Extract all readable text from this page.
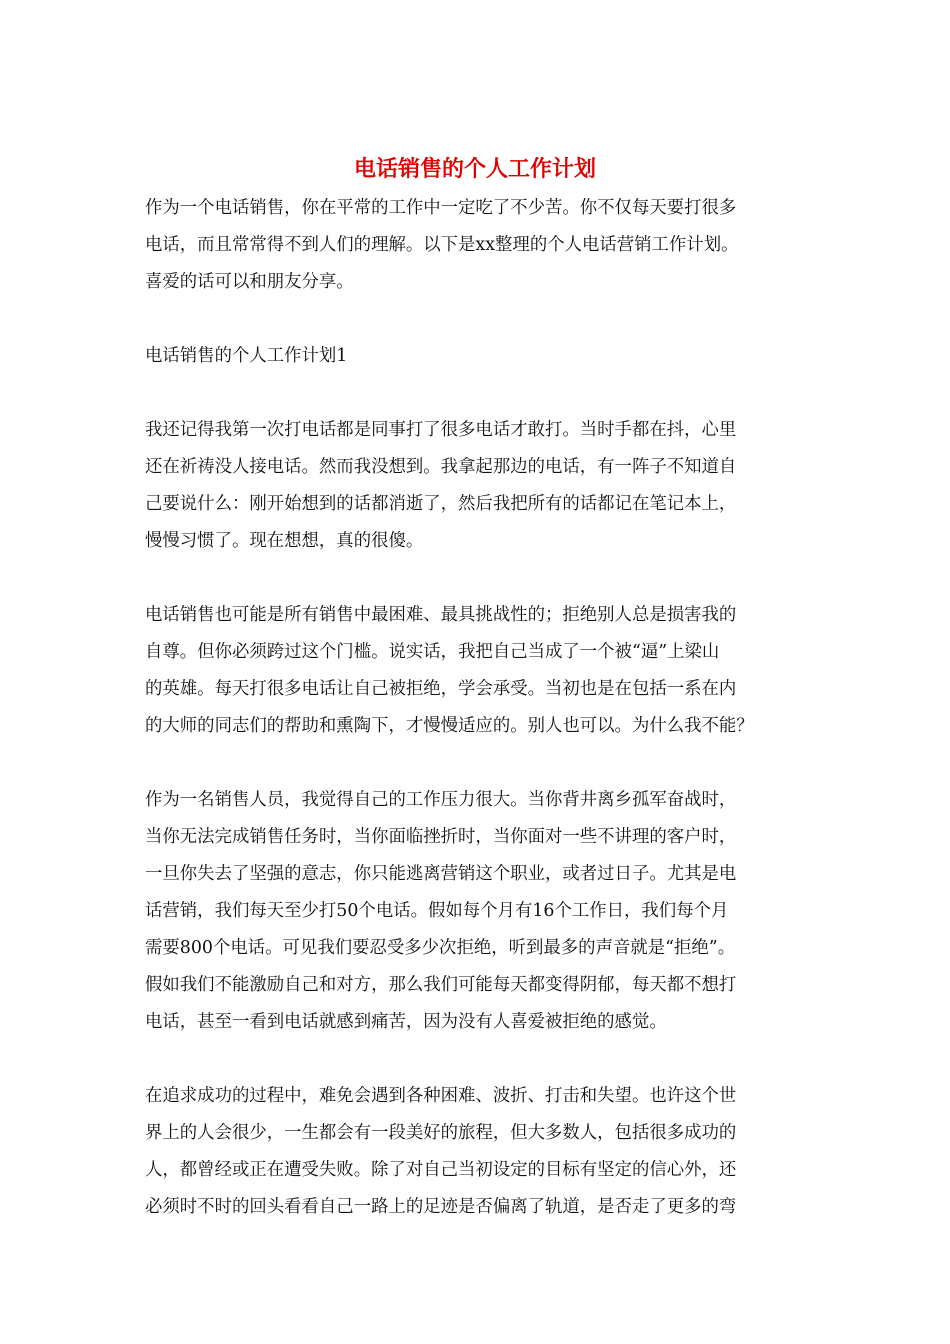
电话销售的个人工作计划

作为一个电话销售，你在平常的工作中一定吃了不少苦。你不仅每天要打很多
电话，而且常常得不到人们的理解。以下是xx整理的个人电话营销工作计划。
喜爱的话可以和朋友分享。

电话销售的个人工作计划1

我还记得我第一次打电话都是同事打了很多电话才敢打。当时手都在抖，心里
还在祈祷没人接电话。然而我没想到。我拿起那边的电话，有一阵子不知道自
己要说什么：刚开始想到的话都消逝了，然后我把所有的话都记在笔记本上，
慢慢习惯了。现在想想，真的很傻。

电话销售也可能是所有销售中最困难、最具挑战性的；拒绝别人总是损害我的
自尊。但你必须跨过这个门槛。说实话，我把自己当成了一个被“逼”上梁山
的英雄。每天打很多电话让自己被拒绝，学会承受。当初也是在包括一系在内
的大师的同志们的帮助和熏陶下，才慢慢适应的。别人也可以。为什么我不能？

作为一名销售人员，我觉得自己的工作压力很大。当你背井离乡孤军奋战时，
当你无法完成销售任务时，当你面临挫折时，当你面对一些不讲理的客户时，
一旦你失去了坚强的意志，你只能逃离营销这个职业，或者过日子。尤其是电
话营销，我们每天至少打50个电话。假如每个月有16个工作日，我们每个月
需要800个电话。可见我们要忍受多少次拒绝，听到最多的声音就是“拒绝”。
假如我们不能激励自己和对方，那么我们可能每天都变得阴郁，每天都不想打
电话，甚至一看到电话就感到痛苦，因为没有人喜爱被拒绝的感觉。

在追求成功的过程中，难免会遇到各种困难、波折、打击和失望。也许这个世
界上的人会很少，一生都会有一段美好的旅程，但大多数人，包括很多成功的
人，都曾经或正在遭受失败。除了对自己当初设定的目标有坚定的信心外，还
必须时不时的回头看看自己一路上的足迹是否偏离了轨道，是否走了更多的弯
